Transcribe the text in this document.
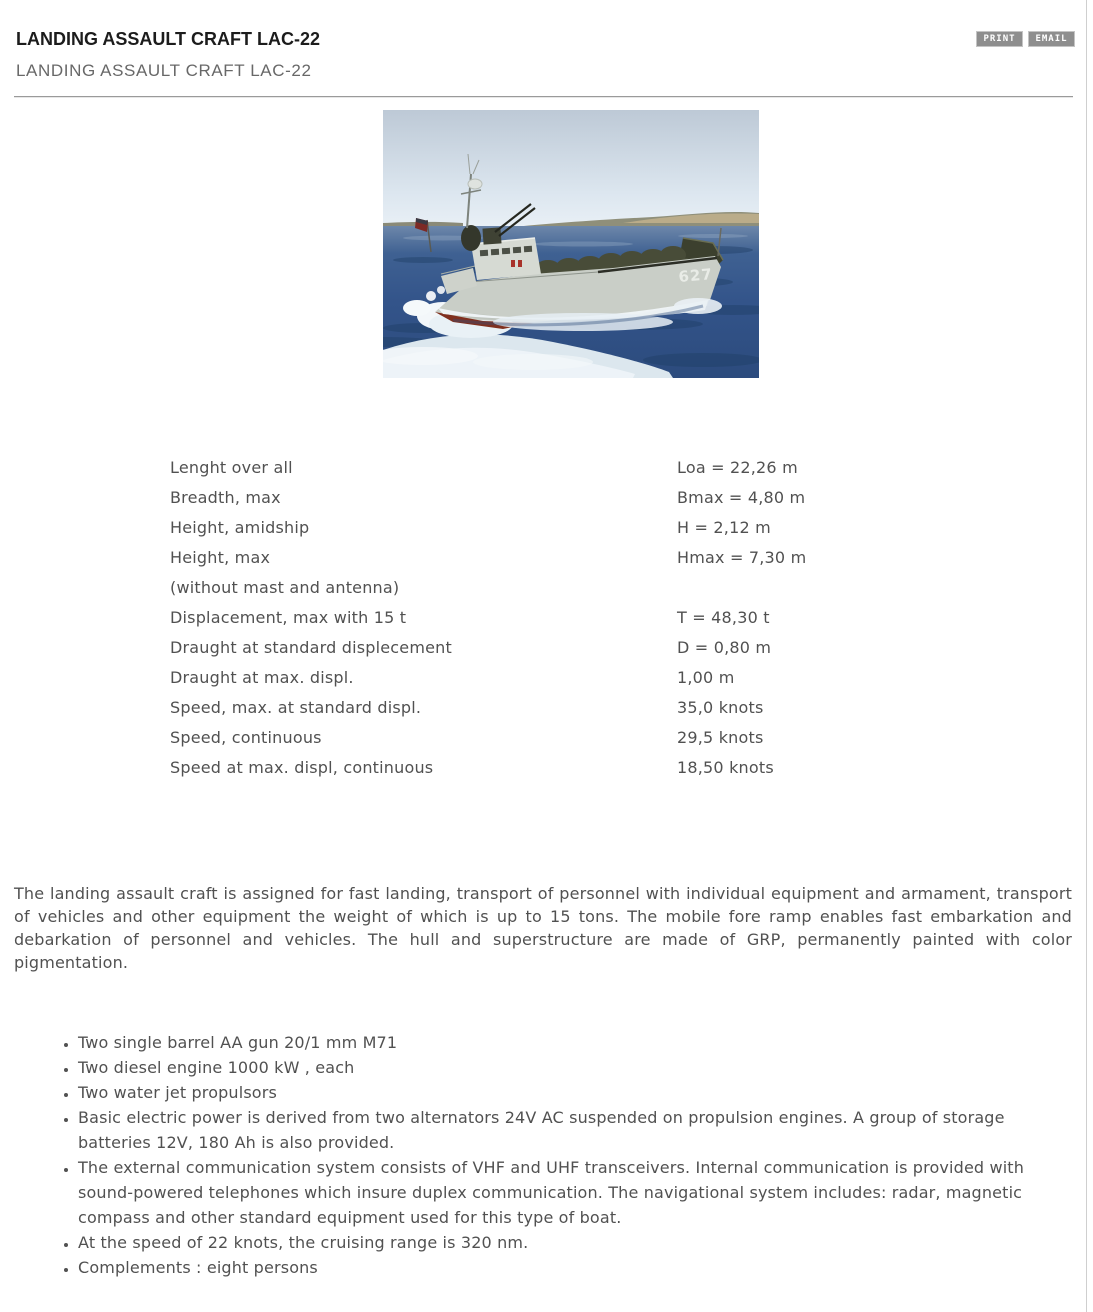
LANDING ASSAULT CRAFT LAC-22	PRINT	EMAIL
LANDING ASSAULT CRAFT LAC-22
627
Lenght over all	Loa = 22,26 m
Breadth, max	Bmax = 4,80 m
Height, amidship	H = 2,12 m
Height, max	Hmax = 7,30 m
(without mast and antenna)	
Displacement, max with 15 t	T = 48,30 t
Draught at standard displecement	D = 0,80 m
Draught at max. displ.	1,00 m
Speed, max. at standard displ.	35,0 knots
Speed, continuous	29,5 knots
Speed at max. displ, continuous	18,50 knots

The landing assault craft is assigned for fast landing, transport of personnel with individual equipment and armament, transport of vehicles and other equipment the weight of which is up to 15 tons. The mobile fore ramp enables fast embarkation and debarkation of personnel and vehicles. The hull and superstructure are made of GRP, permanently painted with color pigmentation.

• Two single barrel AA gun 20/1 mm M71
• Two diesel engine 1000 kW , each
• Two water jet propulsors
• Basic electric power is derived from two alternators 24V AC suspended on propulsion engines. A group of storage batteries 12V, 180 Ah is also provided.
• The external communication system consists of VHF and UHF transceivers. Internal communication is provided with sound-powered telephones which insure duplex communication. The navigational system includes: radar, magnetic compass and other standard equipment used for this type of boat.
• At the speed of 22 knots, the cruising range is 320 nm.
• Complements : eight persons
